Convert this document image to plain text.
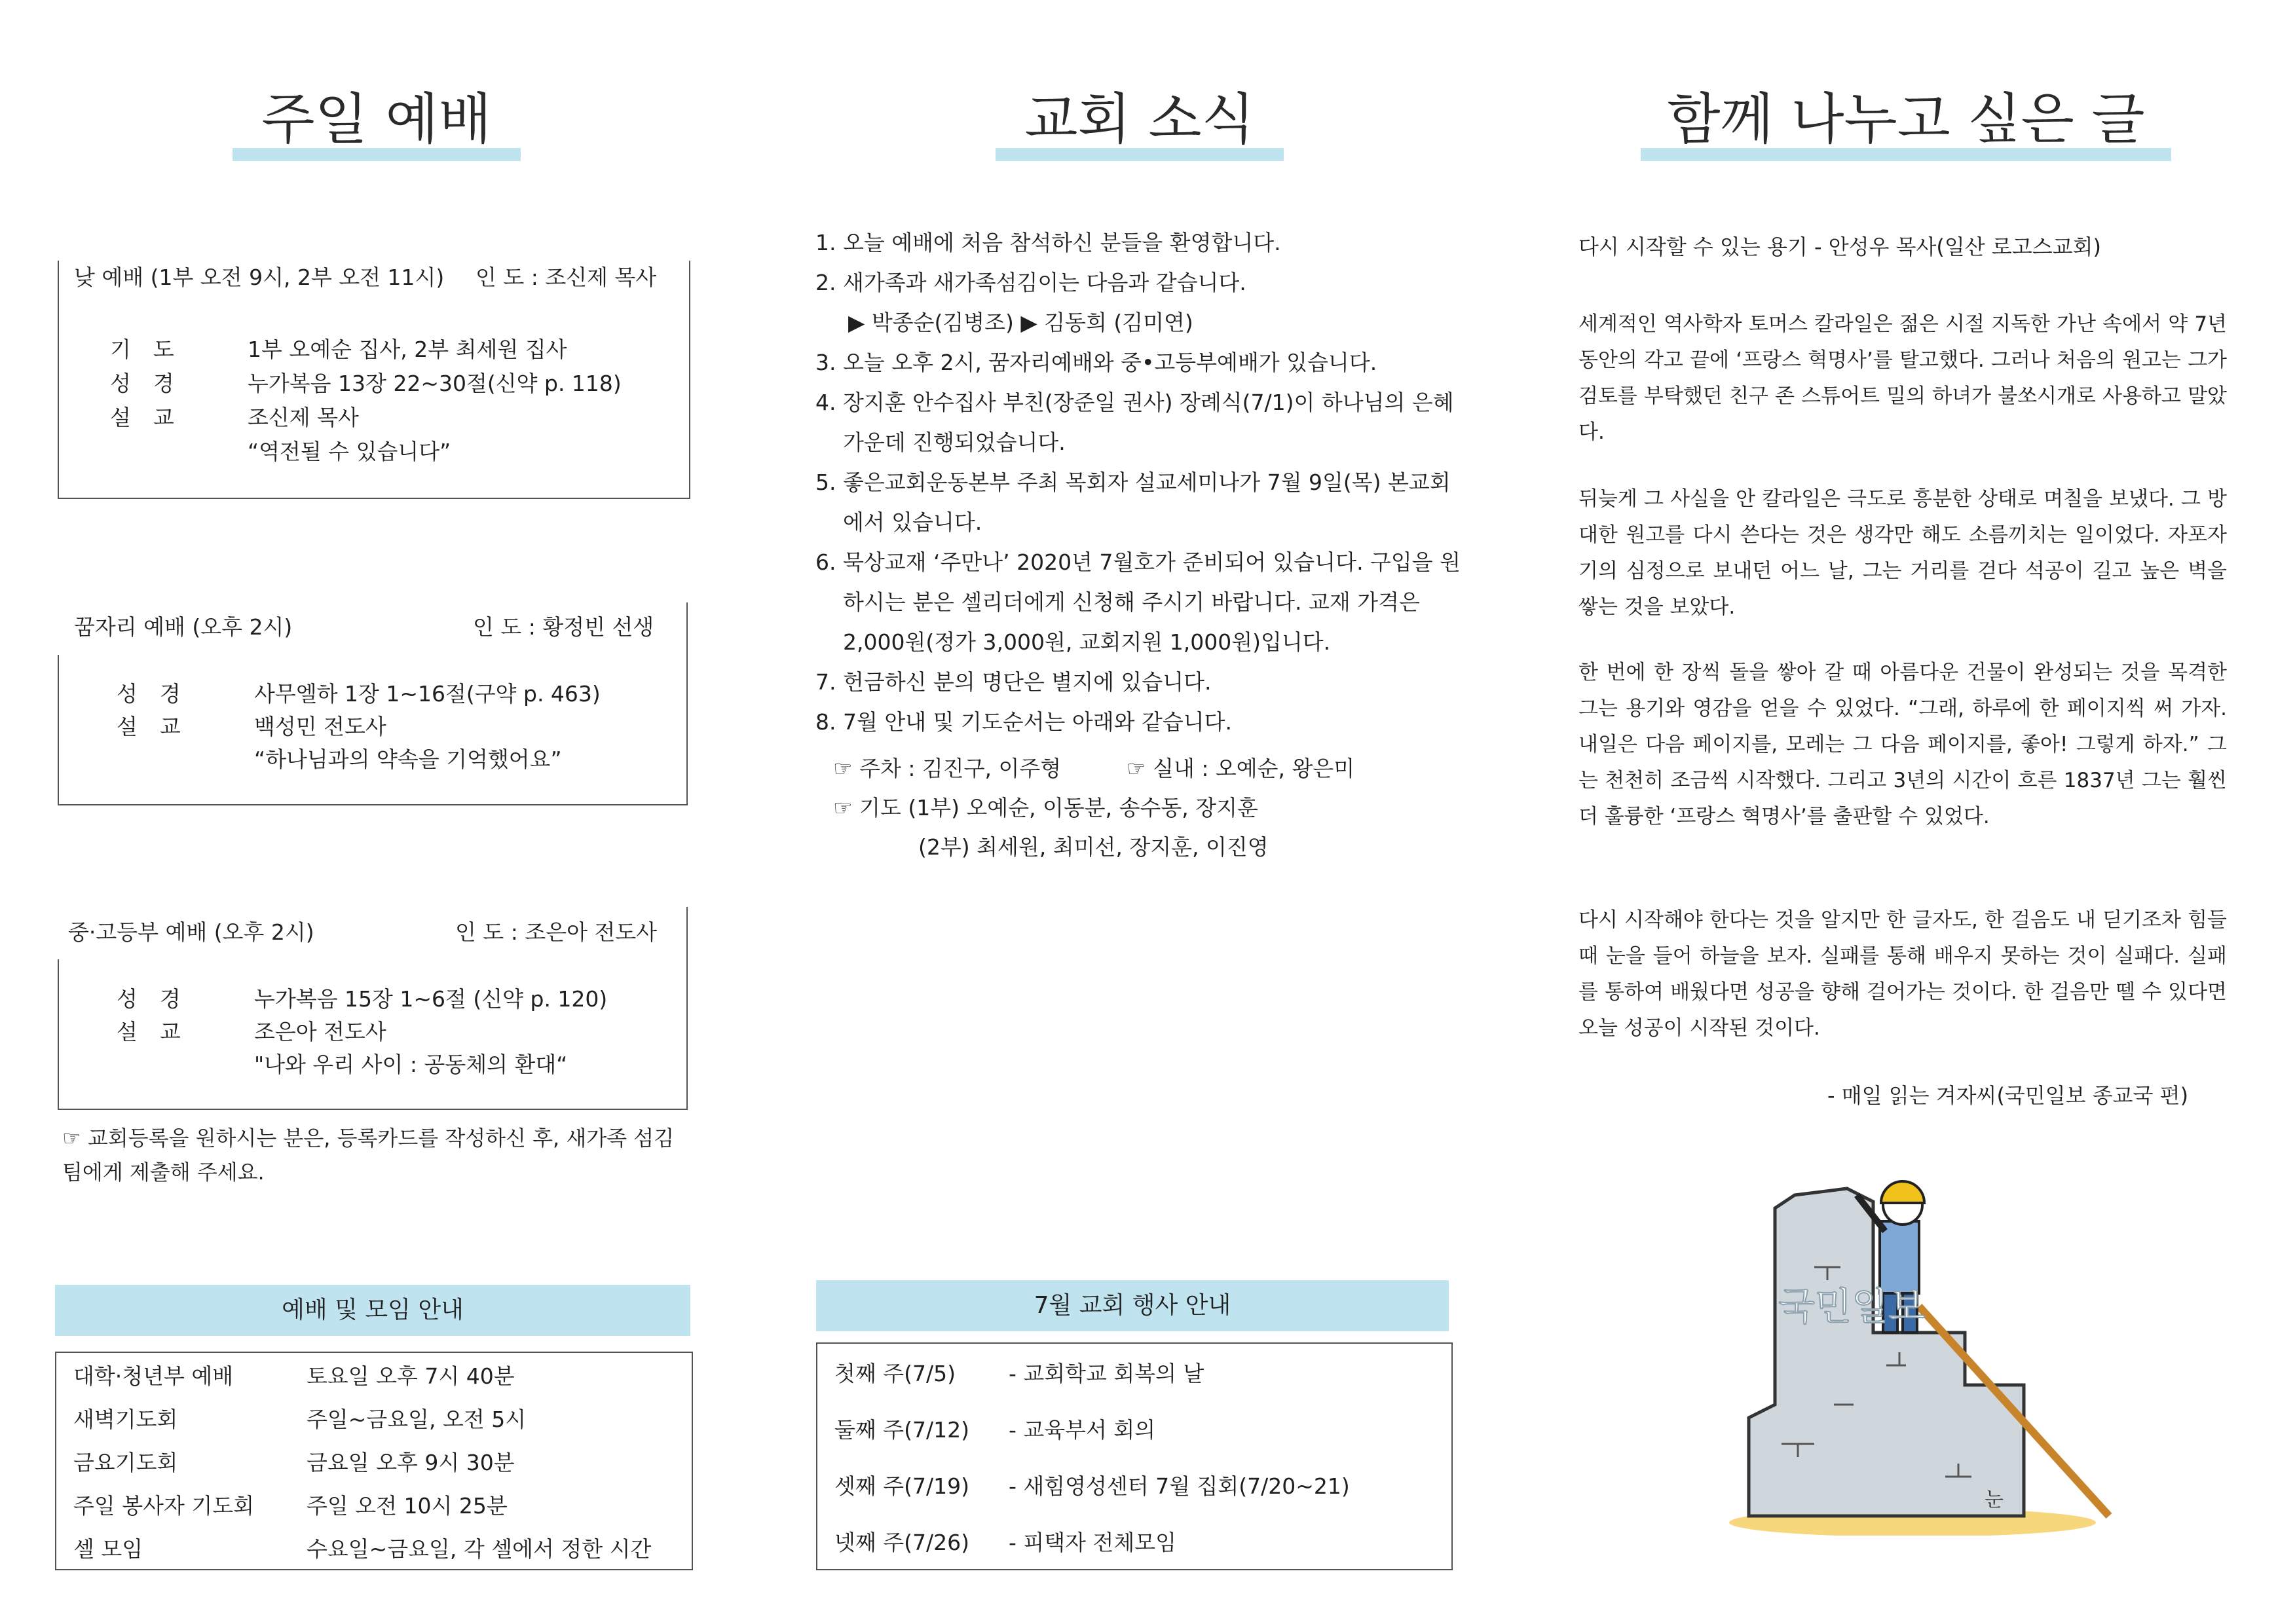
주일 예배
낮 예배 (1부 오전 9시, 2부 오전 11시) 인 도 : 조신제 목사
기도 1부 오예순 집사, 2부 최세원 집사
성경 누가복음 13장 22~30절(신약 p. 118)
설교 조신제 목사
“역전될 수 있습니다”
꿈자리 예배 (오후 2시)	인 도 : 황정빈 선생
성경 사무엘하 1장 1~16절(구약 p. 463)
설교 백성민 전도사
“하나님과의 약속을 기억했어요”
중·고등부 예배 (오후 2시)	인 도 : 조은아 전도사
성경 누가복음 15장 1~6절 (신약 p. 120)
설교 조은아 전도사
"나와 우리 사이 : 공동체의 환대“
☞ 교회등록을 원하시는 분은, 등록카드를 작성하신 후, 새가족 섬김팀에게 제출해 주세요.
예배 및 모임 안내
대학·청년부 예배	토요일 오후 7시 40분
새벽기도회	주일~금요일, 오전 5시
금요기도회	금요일 오후 9시 30분
주일 봉사자 기도회	주일 오전 10시 25분
셀 모임	수요일~금요일, 각 셀에서 정한 시간
교회 소식

1. 오늘 예배에 처음 참석하신 분들을 환영합니다.

2. 새가족과 새가족섬김이는 다음과 같습니다.

▶ 박종순(김병조) ▶ 김동희 (김미연)

3. 오늘 오후 2시, 꿈자리예배와 중•고등부예배가 있습니다.

4. 장지훈 안수집사 부친(장준일 권사) 장례식(7/1)이 하나님의 은혜 가운데 진행되었습니다.

5. 좋은교회운동본부 주최 목회자 설교세미나가 7월 9일(목) 본교회에서 있습니다.

6. 묵상교재 ‘주만나’ 2020년 7월호가 준비되어 있습니다. 구입을 원하시는 분은 셀리더에게 신청해 주시기 바랍니다. 교재 가격은 2,000원(정가 3,000원, 교회지원 1,000원)입니다.

7. 헌금하신 분의 명단은 별지에 있습니다.

8. 7월 안내 및 기도순서는 아래와 같습니다.

☞ 주차 : 김진구, 이주형	☞ 실내 : 오예순, 왕은미
☞ 기도 (1부) 오예순, 이동분, 송수동, 장지훈
(2부) 최세원, 최미선, 장지훈, 이진영
7월 교회 행사 안내
첫째 주(7/5)	- 교회학교 회복의 날
둘째 주(7/12)	- 교육부서 회의
셋째 주(7/19)	- 새힘영성센터 7월 집회(7/20~21)
넷째 주(7/26)	- 피택자 전체모임
함께 나누고 싶은 글
다시 시작할 수 있는 용기 - 안성우 목사(일산 로고스교회)
세계적인 역사학자 토머스 칼라일은 젊은 시절 지독한 가난 속에서 약 7년 동안의 각고 끝에 ‘프랑스 혁명사’를 탈고했다. 그러나 처음의 원고는 그가 검토를 부탁했던 친구 존 스튜어트 밀의 하녀가 불쏘시개로 사용하고 말았다.
뒤늦게 그 사실을 안 칼라일은 극도로 흥분한 상태로 며칠을 보냈다. 그 방대한 원고를 다시 쓴다는 것은 생각만 해도 소름끼치는 일이었다. 자포자기의 심정으로 보내던 어느 날, 그는 거리를 걷다 석공이 길고 높은 벽을 쌓는 것을 보았다.
한 번에 한 장씩 돌을 쌓아 갈 때 아름다운 건물이 완성되는 것을 목격한 그는 용기와 영감을 얻을 수 있었다. “그래, 하루에 한 페이지씩 써 가자. 내일은 다음 페이지를, 모레는 그 다음 페이지를, 좋아! 그렇게 하자.” 그는 천천히 조금씩 시작했다. 그리고 3년의 시간이 흐른 1837년 그는 훨씬 더 훌륭한 ‘프랑스 혁명사’를 출판할 수 있었다.
다시 시작해야 한다는 것을 알지만 한 글자도, 한 걸음도 내 딛기조차 힘들 때 눈을 들어 하늘을 보자. 실패를 통해 배우지 못하는 것이 실패다. 실패를 통하여 배웠다면 성공을 향해 걸어가는 것이다. 한 걸음만 뗄 수 있다면 오늘 성공이 시작된 것이다.
- 매일 읽는 겨자씨(국민일보 종교국 편)
국민일보
눈
